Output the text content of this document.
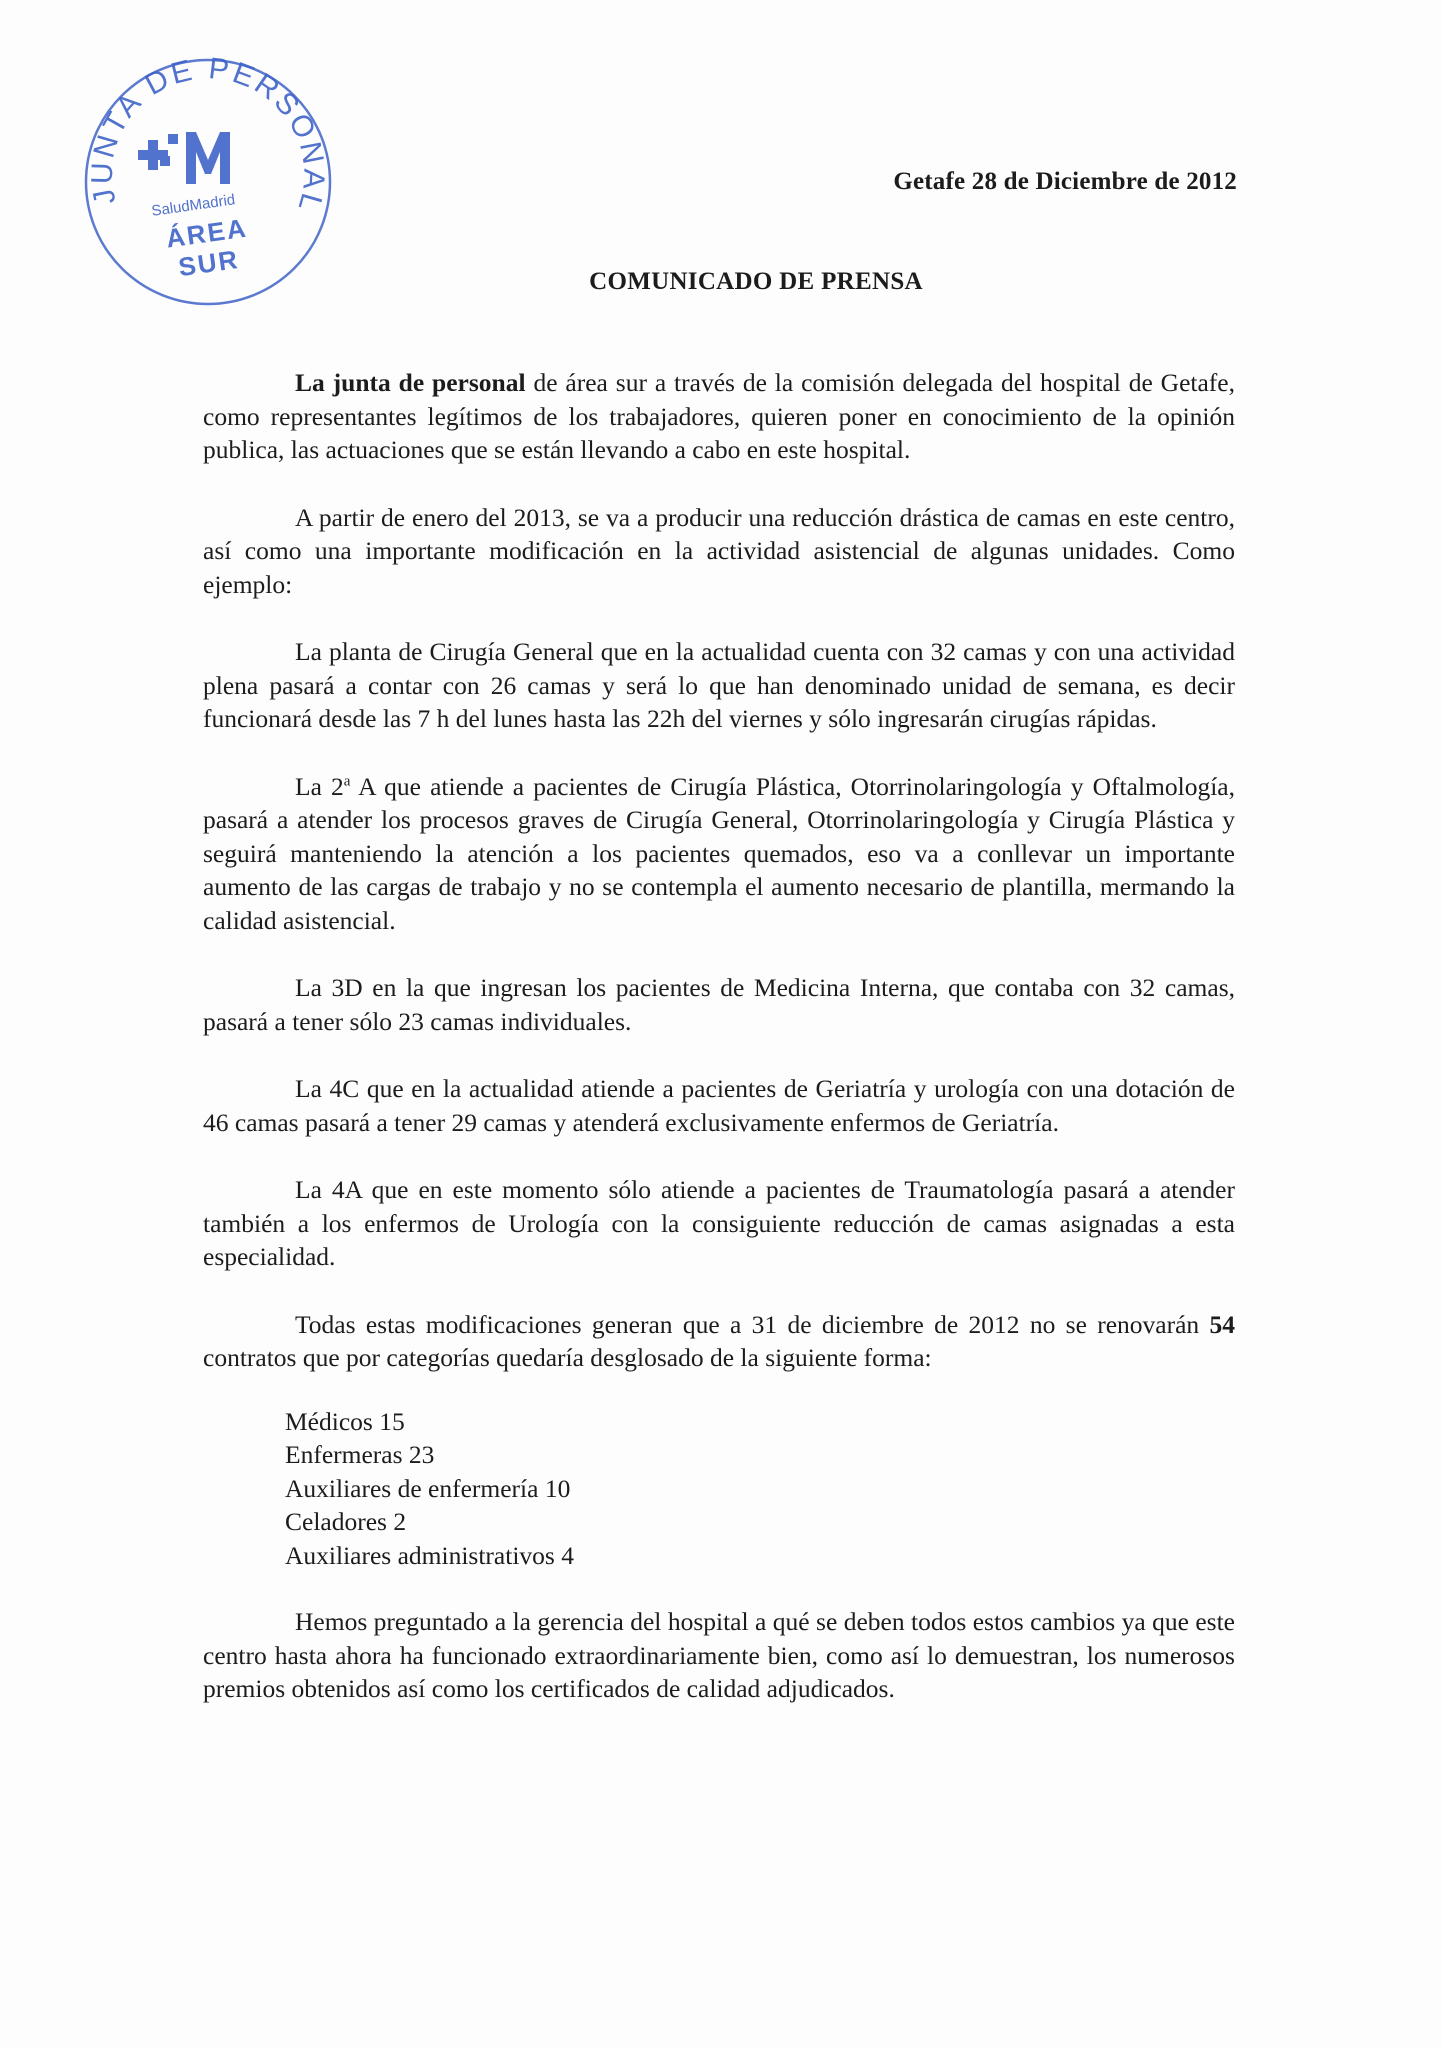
JUNTA DE PERSONAL
SaludMadrid
ÁREA
SUR
Getafe 28 de Diciembre de 2012
COMUNICADO DE PRENSA

La junta de personal de área sur a través de la comisión delegada del hospital de Getafe, como representantes legítimos de los trabajadores, quieren poner en conocimiento de la opinión publica, las actuaciones que se están llevando a cabo en este hospital.

A partir de enero del 2013, se va a producir una reducción drástica de camas en este centro, así como una importante modificación en la actividad asistencial de algunas unidades. Como ejemplo:

La planta de Cirugía General que en la actualidad cuenta con 32 camas y con una actividad plena pasará a contar con 26 camas y será lo que han denominado unidad de semana, es decir funcionará desde las 7 h del lunes hasta las 22h del viernes y sólo ingresarán cirugías rápidas.

La 2$^a$ A que atiende a pacientes de Cirugía Plástica, Otorrinolaringología y Oftalmología, pasará a atender los procesos graves de Cirugía General, Otorrinolaringología y Cirugía Plástica y seguirá manteniendo la atención a los pacientes quemados, eso va a conllevar un importante aumento de las cargas de trabajo y no se contempla el aumento necesario de plantilla, mermando la calidad asistencial.

La 3D en la que ingresan los pacientes de Medicina Interna, que contaba con 32 camas, pasará a tener sólo 23 camas individuales.

La 4C que en la actualidad atiende a pacientes de Geriatría y urología con una dotación de 46 camas pasará a tener 29 camas y atenderá exclusivamente enfermos de Geriatría.

La 4A que en este momento sólo atiende a pacientes de Traumatología pasará a atender también a los enfermos de Urología con la consiguiente reducción de camas asignadas a esta especialidad.

Todas estas modificaciones generan que a 31 de diciembre de 2012 no se renovarán 54 contratos que por categorías quedaría desglosado de la siguiente forma:

Médicos 15
Enfermeras 23
Auxiliares de enfermería 10
Celadores 2
Auxiliares administrativos 4

Hemos preguntado a la gerencia del hospital a qué se deben todos estos cambios ya que este centro hasta ahora ha funcionado extraordinariamente bien, como así lo demuestran, los numerosos premios obtenidos así como los certificados de calidad adjudicados.
